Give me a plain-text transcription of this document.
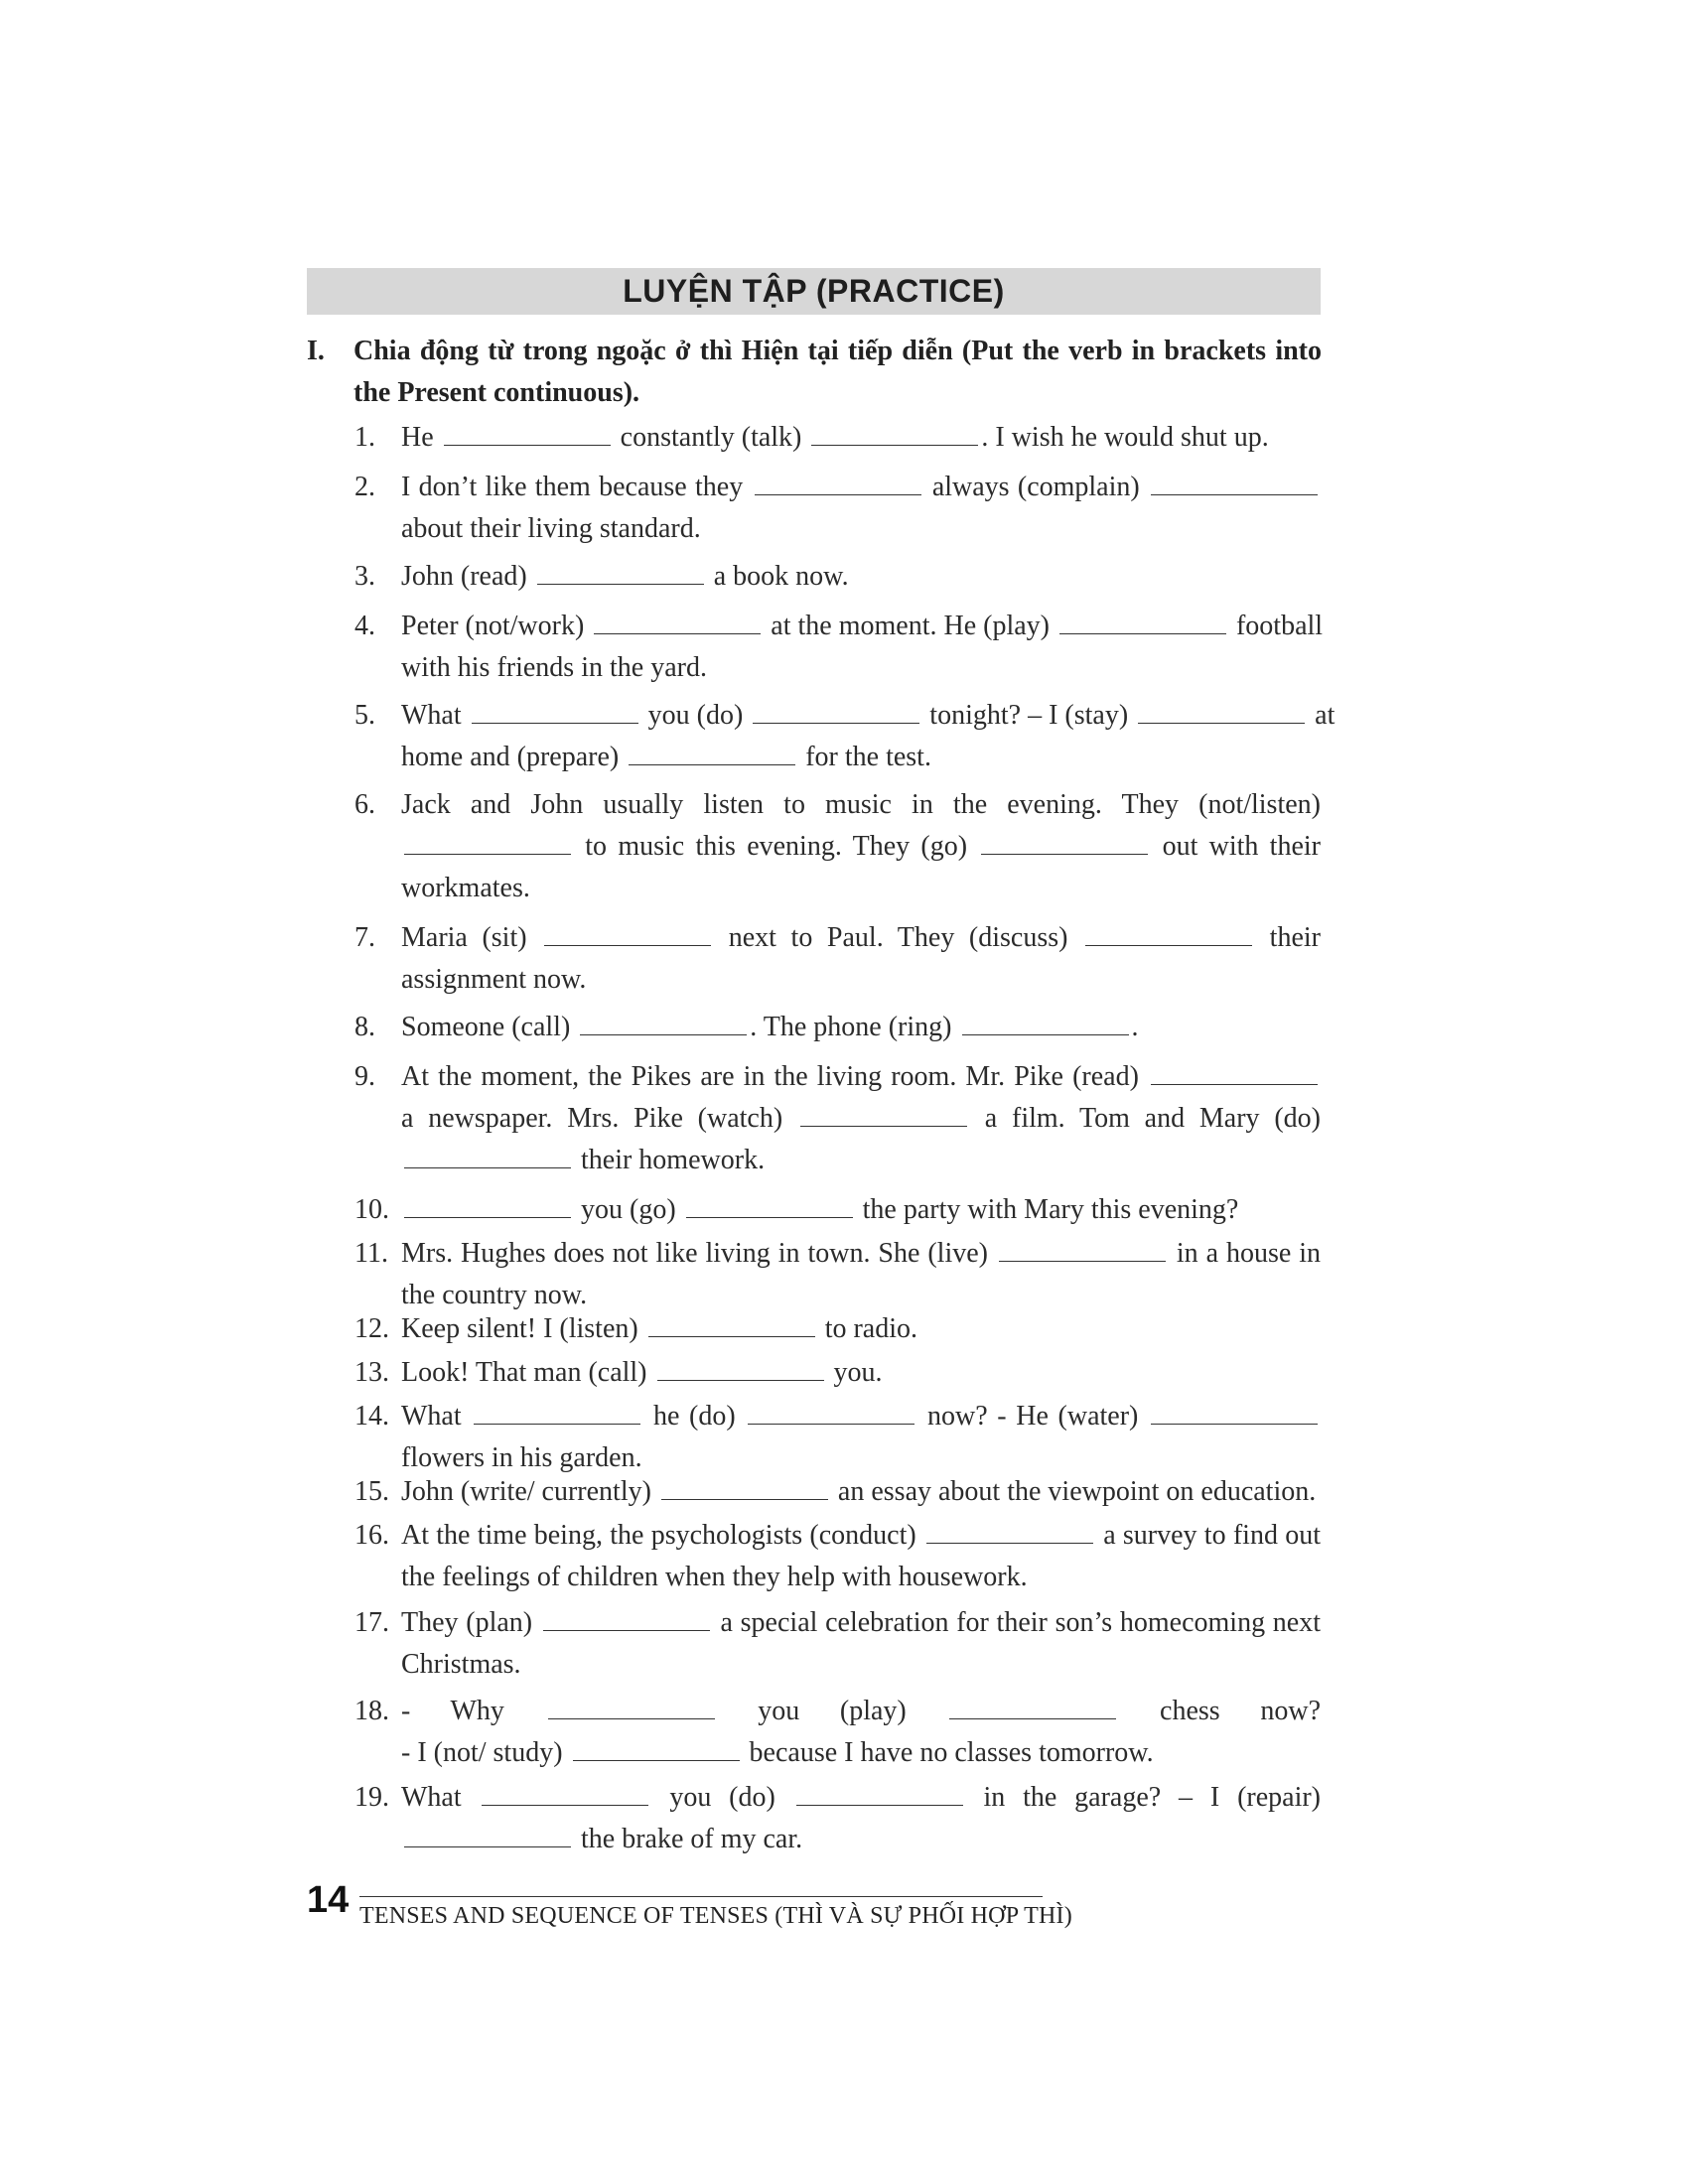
LUYỆN TẬP (PRACTICE)
I. Chia động từ trong ngoặc ở thì Hiện tại tiếp diễn (Put the verb in brackets into
the Present continuous).
1. He	constantly (talk)	. I wish he would shut up.
2. I don’t like them because they	always (complain)
about their living standard.
3. John (read)	a book now.
4. Peter (not/work)	at the moment. He (play)	football
with his friends in the yard.
5. What	you (do)	tonight? – I (stay)	at
home and (prepare)	for the test.
6. Jack and John usually listen to music in the evening. They (not/listen)
to music this evening. They (go)	out with their
workmates.
7. Maria (sit)	next to Paul. They (discuss)	their
assignment now.
8. Someone (call)	. The phone (ring)	.
9. At the moment, the Pikes are in the living room. Mr. Pike (read)
a newspaper. Mrs. Pike (watch)	a film. Tom and Mary (do)
their homework.
10.	you (go)	the party with Mary this evening?
11. Mrs. Hughes does not like living in town. She (live)	in a house in
the country now.
12. Keep silent! I (listen)	to radio.
13. Look! That man (call)	you.
14. What	he (do)	now? - He (water)
flowers in his garden.
15. John (write/ currently)	an essay about the viewpoint on education.
16. At the time being, the psychologists (conduct)	a survey to find out
the feelings of children when they help with housework.
17. They (plan)	a special celebration for their son’s homecoming next
Christmas.
18. - Why	you (play)	chess now?
- I (not/ study)	because I have no classes tomorrow.
19. What	you (do)	in the garage? – I (repair)
the brake of my car.
14 TENSES AND SEQUENCE OF TENSES (THÌ VÀ SỰ PHỐI HỢP THÌ)
